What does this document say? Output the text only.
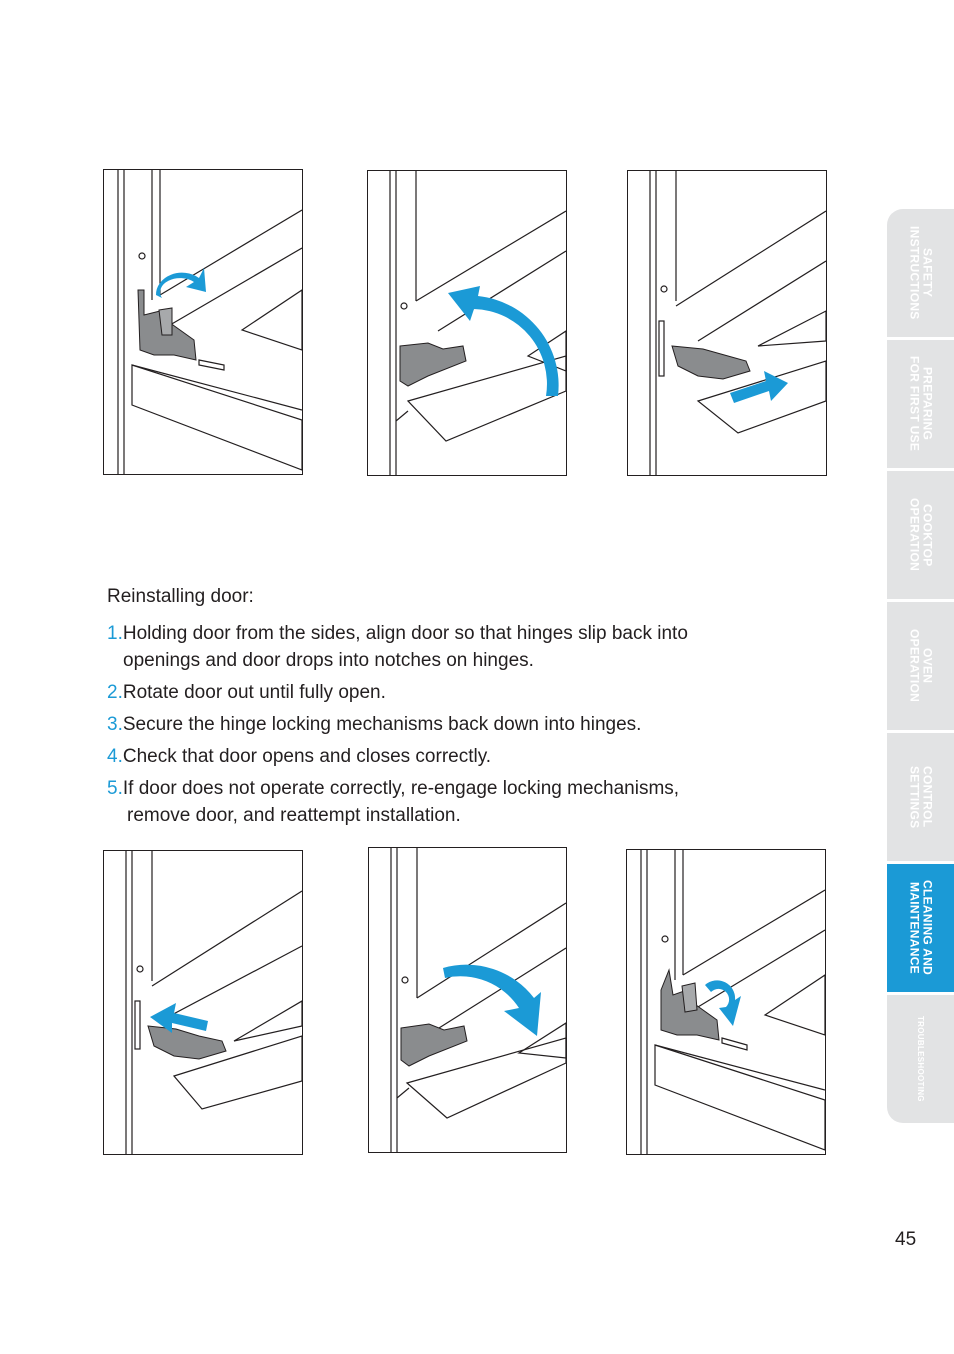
Reinstalling door:
1.Holding door from the sides, align door so that hinges slip back into
openings and door drops into notches on hinges.
2.Rotate door out until fully open.
3.Secure the hinge locking mechanisms back down into hinges.
4.Check that door opens and closes correctly.
5.If door does not operate correctly, re-engage locking mechanisms,
remove door, and reattempt installation.
SAFETY
INSTRUCTIONS
PREPARING
FOR FIRST USE
COOKTOP
OPERATION
OVEN
OPERATION
CONTROL
SETTINGS
CLEANING AND
MAINTENANCE
TROUBLESHOOTING
45
